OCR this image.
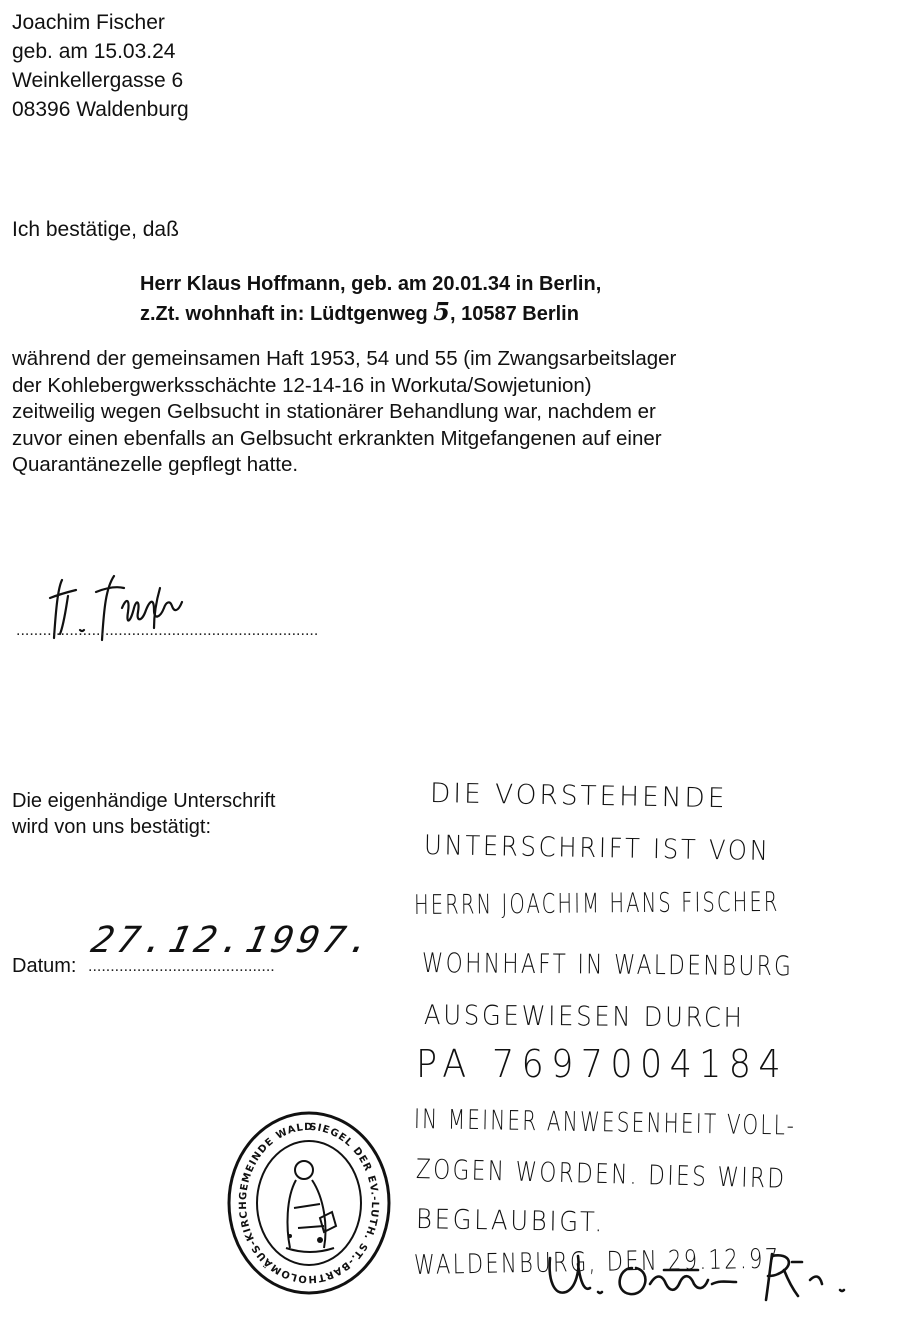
Joachim Fischer
geb. am 15.03.24
Weinkellergasse 6
08396 Waldenburg
Ich bestätige, daß
Herr Klaus Hoffmann, geb. am 20.01.34 in Berlin,
z.Zt. wohnhaft in: Lüdtgenweg 5, 10587 Berlin
während der gemeinsamen Haft 1953, 54 und 55 (im Zwangsarbeitslager
der Kohlebergwerksschächte 12-14-16 in Workuta/Sowjetunion)
zeitweilig wegen Gelbsucht in stationärer Behandlung war, nachdem er
zuvor einen ebenfalls an Gelbsucht erkrankten Mitgefangenen auf einer
Quarantänezelle gepflegt hatte.
....................................................................
Die eigenhändige Unterschrift
wird von uns bestätigt:
Datum: ..........................................
27.12.1997.
DIE VORSTEHENDE
UNTERSCHRIFT IST VON
HERRN JOACHIM HANS FISCHER
WOHNHAFT IN WALDENBURG
AUSGEWIESEN DURCH
PA 7697004184
IN MEINER ANWESENHEIT VOLL-
ZOGEN WORDEN. DIES WIRD
BEGLAUBIGT.
WALDENBURG, DEN 29.12.97
SIEGEL DER EV.-LUTH. ST.-BARTHOLOMÄUS-KIRCHGEMEINDE WALD
